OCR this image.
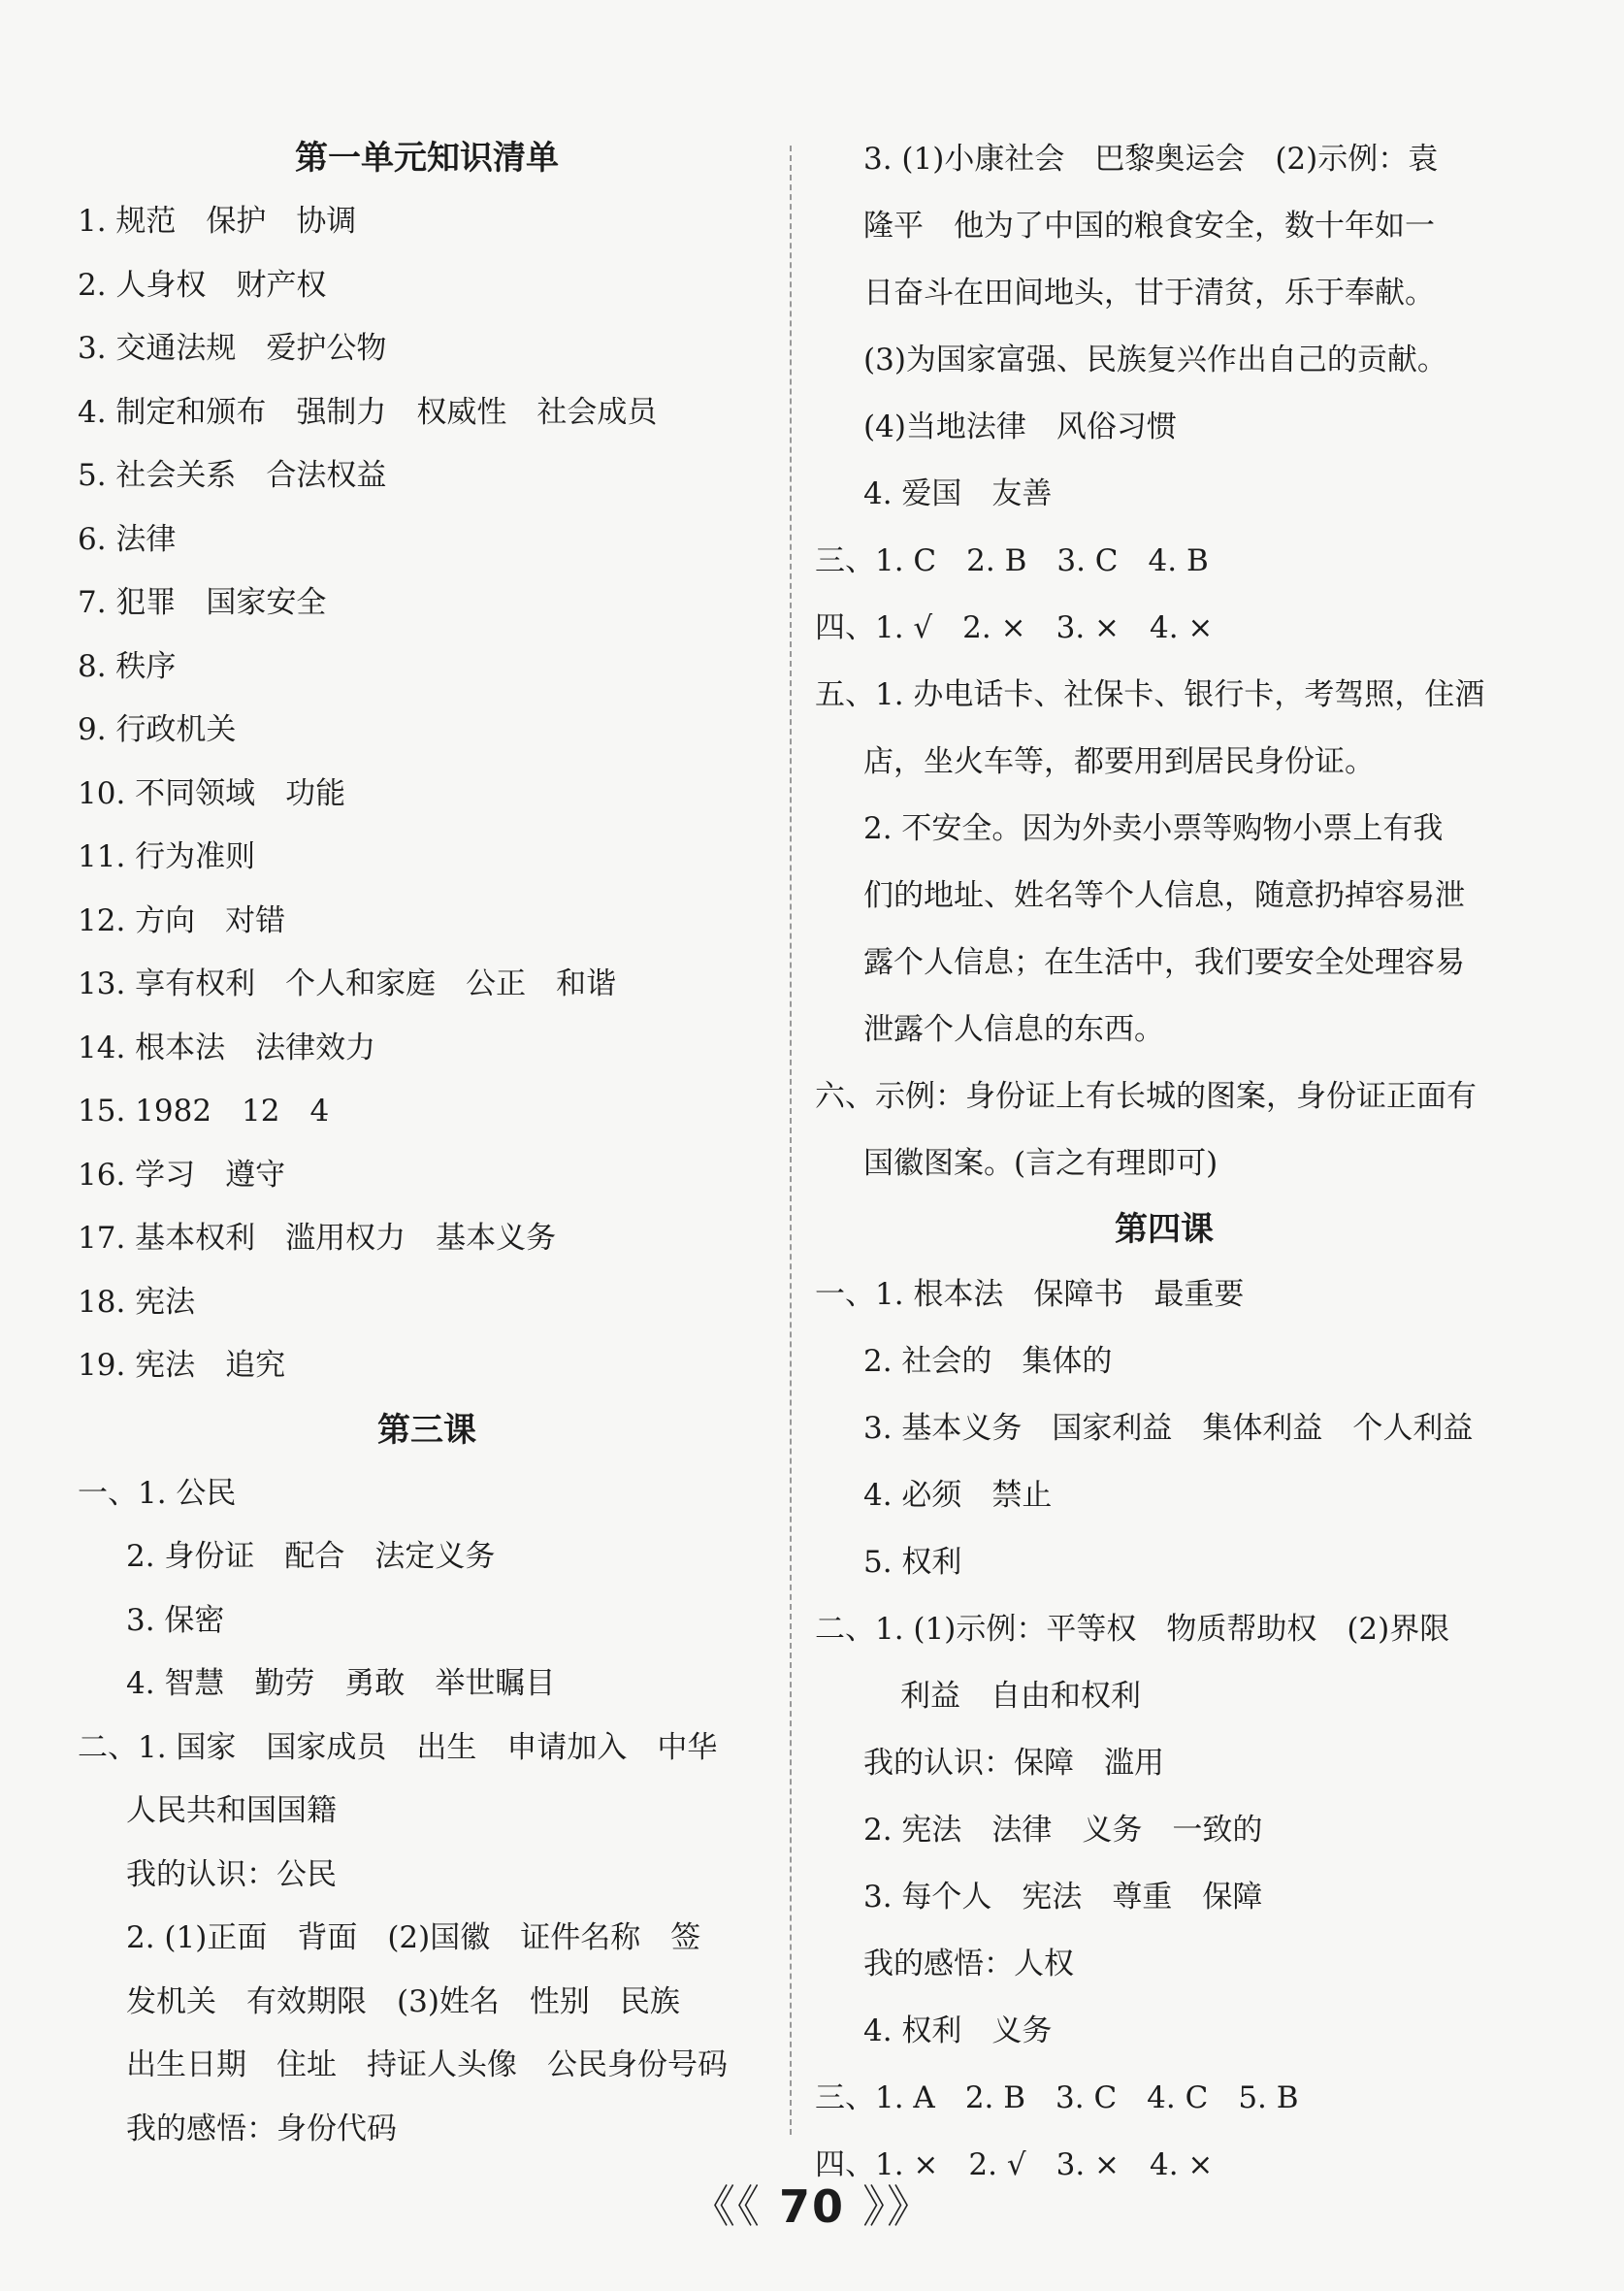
第一单元知识清单
1. 规范　保护　协调
2. 人身权　财产权
3. 交通法规　爱护公物
4. 制定和颁布　强制力　权威性　社会成员
5. 社会关系　合法权益
6. 法律
7. 犯罪　国家安全
8. 秩序
9. 行政机关
10. 不同领域　功能
11. 行为准则
12. 方向　对错
13. 享有权利　个人和家庭　公正　和谐
14. 根本法　法律效力
15. 1982　12　4
16. 学习　遵守
17. 基本权利　滥用权力　基本义务
18. 宪法
19. 宪法　追究
第三课
一、1. 公民
2. 身份证　配合　法定义务
3. 保密
4. 智慧　勤劳　勇敢　举世瞩目
二、1. 国家　国家成员　出生　申请加入　中华
人民共和国国籍
我的认识：公民
2. (1)正面　背面　(2)国徽　证件名称　签
发机关　有效期限　(3)姓名　性别　民族
出生日期　住址　持证人头像　公民身份号码
我的感悟：身份代码
3. (1)小康社会　巴黎奥运会　(2)示例：袁
隆平　他为了中国的粮食安全，数十年如一
日奋斗在田间地头，甘于清贫，乐于奉献。
(3)为国家富强、民族复兴作出自己的贡献。
(4)当地法律　风俗习惯
4. 爱国　友善
三、1. C　2. B　3. C　4. B
四、1. √　2. ×　3. ×　4. ×
五、1. 办电话卡、社保卡、银行卡，考驾照，住酒
店，坐火车等，都要用到居民身份证。
2. 不安全。因为外卖小票等购物小票上有我
们的地址、姓名等个人信息，随意扔掉容易泄
露个人信息；在生活中，我们要安全处理容易
泄露个人信息的东西。
六、示例：身份证上有长城的图案，身份证正面有
国徽图案。(言之有理即可)
第四课
一、1. 根本法　保障书　最重要
2. 社会的　集体的
3. 基本义务　国家利益　集体利益　个人利益
4. 必须　禁止
5. 权利
二、1. (1)示例：平等权　物质帮助权　(2)界限
利益　自由和权利
我的认识：保障　滥用
2. 宪法　法律　义务　一致的
3. 每个人　宪法　尊重　保障
我的感悟：人权
4. 权利　义务
三、1. A　2. B　3. C　4. C　5. B
四、1. ×　2. √　3. ×　4. ×
《《 70 》》
